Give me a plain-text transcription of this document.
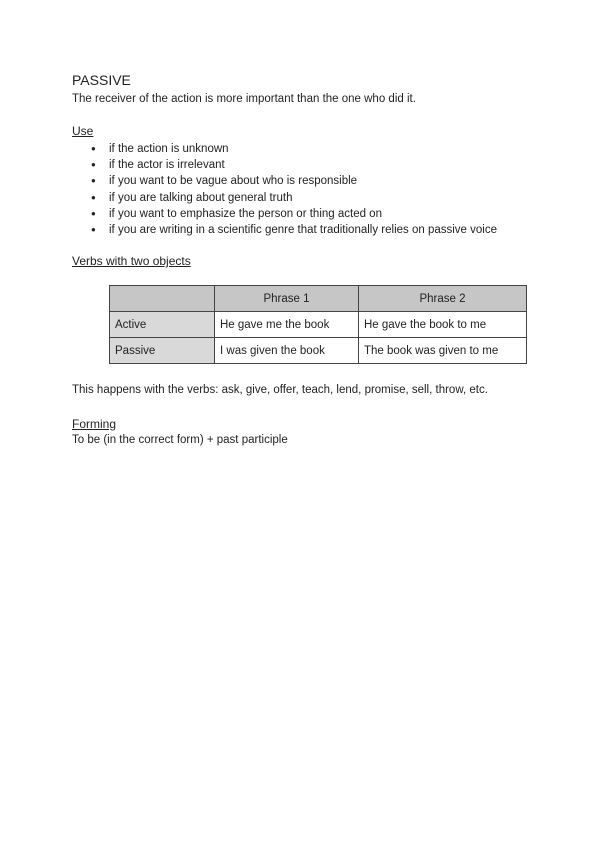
PASSIVE
The receiver of the action is more important than the one who did it.
Use
● if the action is unknown
● if the actor is irrelevant
● if you want to be vague about who is responsible
● if you are talking about general truth
● if you want to emphasize the person or thing acted on
● if you are writing in a scientific genre that traditionally relies on passive voice
Verbs with two objects
	Phrase 1	Phrase 2
Active	He gave me the book	He gave the book to me
Passive	I was given the book	The book was given to me
This happens with the verbs: ask, give, offer, teach, lend, promise, sell, throw, etc.
Forming
To be (in the correct form) + past participle
